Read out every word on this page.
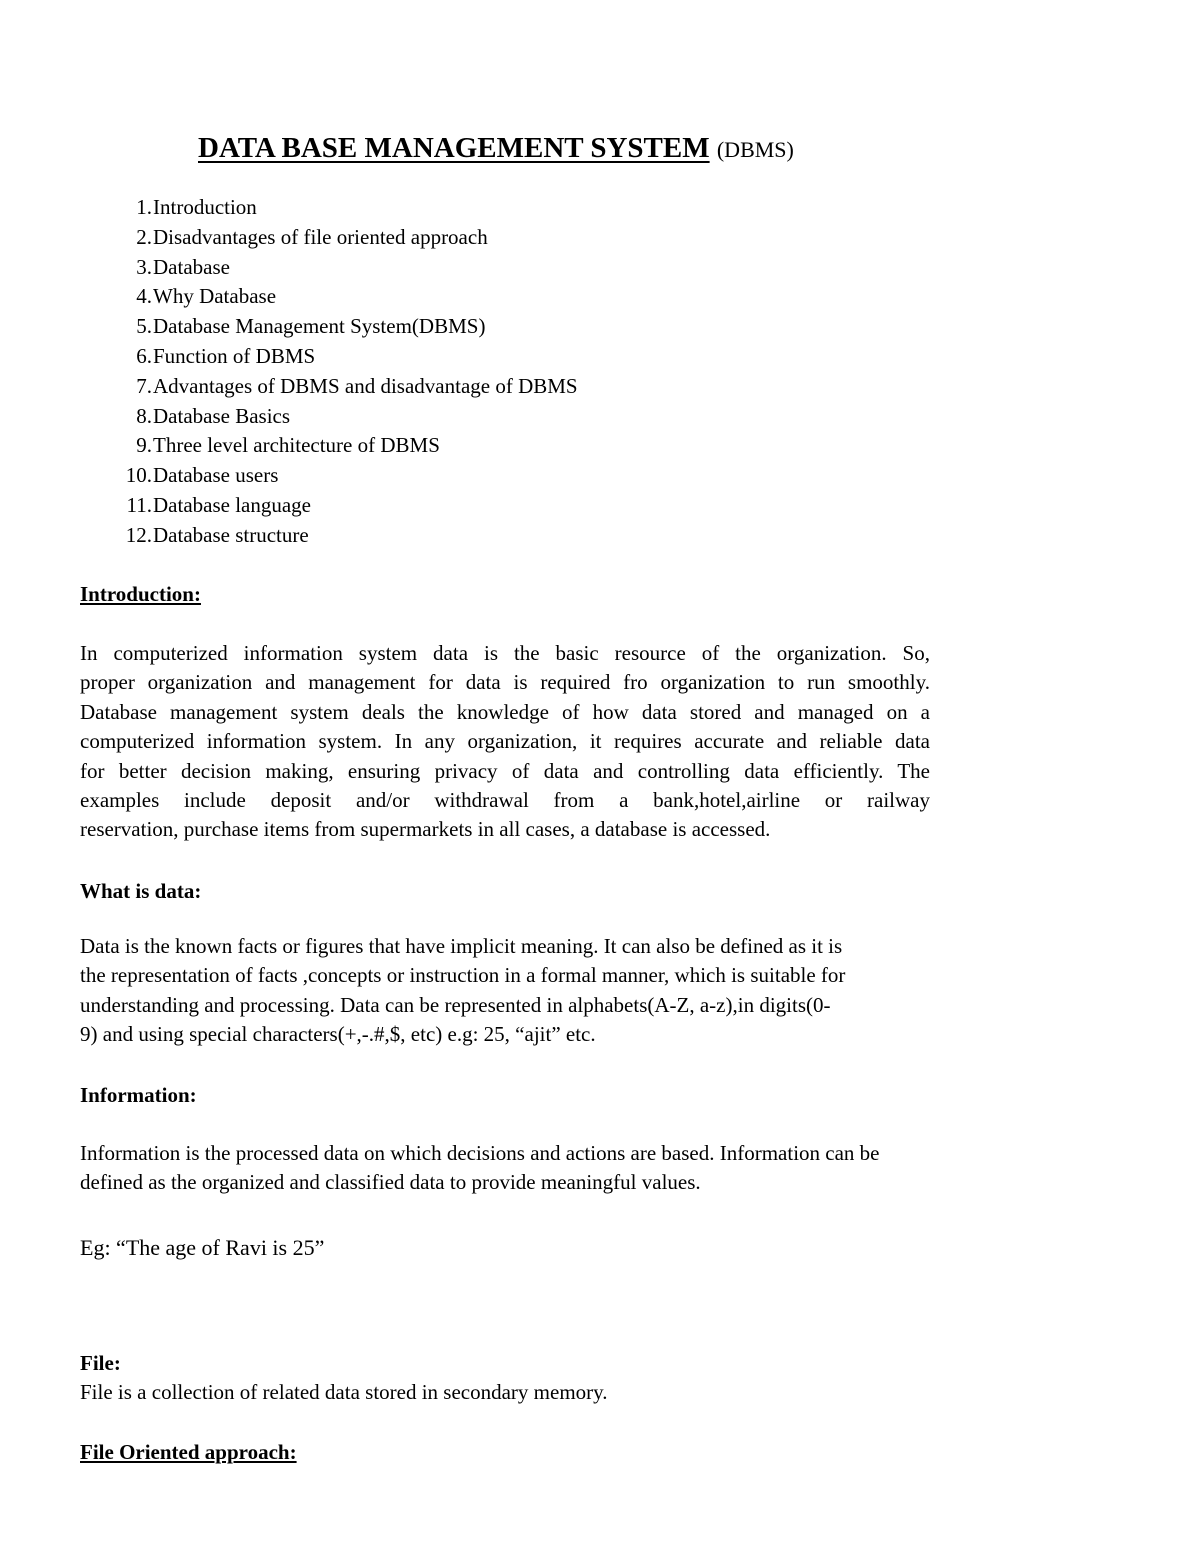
DATA BASE MANAGEMENT SYSTEM (DBMS)
1.Introduction
2.Disadvantages of file oriented approach
3.Database
4.Why Database
5.Database Management System(DBMS)
6.Function of DBMS
7.Advantages of DBMS and disadvantage of DBMS
8.Database Basics
9.Three level architecture of DBMS
10.Database users
11.Database language
12.Database structure
Introduction:
In computerized information system data is the basic resource of the organization. So,
proper organization and management for data is required fro organization to run smoothly.
Database management system deals the knowledge of how data stored and managed on a
computerized information system. In any organization, it requires accurate and reliable data
for better decision making, ensuring privacy of data and controlling data efficiently. The
examples include deposit and/or withdrawal from a bank,hotel,airline or railway
reservation, purchase items from supermarkets in all cases, a database is accessed.
What is data:
Data is the known facts or figures that have implicit meaning. It can also be defined as it is
the representation of facts ,concepts or instruction in a formal manner, which is suitable for
understanding and processing. Data can be represented in alphabets(A-Z, a-z),in digits(0-
9) and using special characters(+,-.#,$, etc) e.g: 25, “ajit” etc.
Information:
Information is the processed data on which decisions and actions are based. Information can be
defined as the organized and classified data to provide meaningful values.
Eg: “The age of Ravi is 25”
File:
File is a collection of related data stored in secondary memory.
File Oriented approach:
